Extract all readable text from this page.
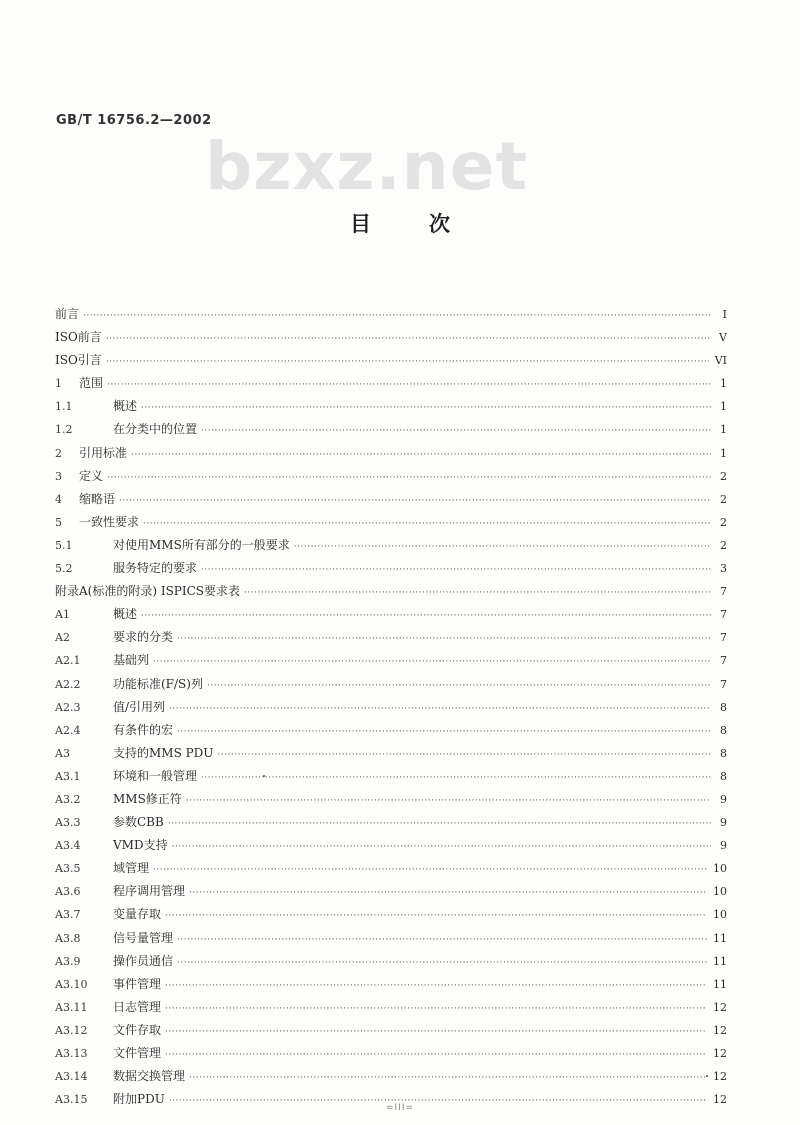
GB/T 16756.2—2002
bzxz.net
目次
前言 ·····	I
ISO前言 ·····	V
ISO引言 ·····	VI
1	范围 ·····	1
1.1	概述 ·····	1
1.2	在分类中的位置 ·····	1
2	引用标准 ·····	1
3	定义 ·····	2
4	缩略语 ·····	2
5	一致性要求 ·····	2
5.1	对使用MMS所有部分的一般要求 ·····	2
5.2	服务特定的要求 ·····	3
附录A(标准的附录) ISPICS要求表 ·····	7
A1	概述 ·····	7
A2	要求的分类 ·····	7
A2.1	基础列 ·····	7
A2.2	功能标准(F/S)列 ·····	7
A2.3	值/引用列 ·····	8
A2.4	有条件的宏 ·····	8
A3	支持的MMS PDU ·····	8
A3.1	环境和一般管理 ·····	8
A3.2	MMS修正符 ·····	9
A3.3	参数CBB ·····	9
A3.4	VMD支持 ·····	9
A3.5	域管理 ·····	10
A3.6	程序调用管理 ·····	10
A3.7	变量存取 ·····	10
A3.8	信号量管理 ·····	11
A3.9	操作员通信 ·····	11
A3.10	事件管理 ·····	11
A3.11	日志管理 ·····	12
A3.12	文件存取 ·····	12
A3.13	文件管理 ·····	12
A3.14	数据交换管理 ·····	12
A3.15	附加PDU ·····	12
=III=
